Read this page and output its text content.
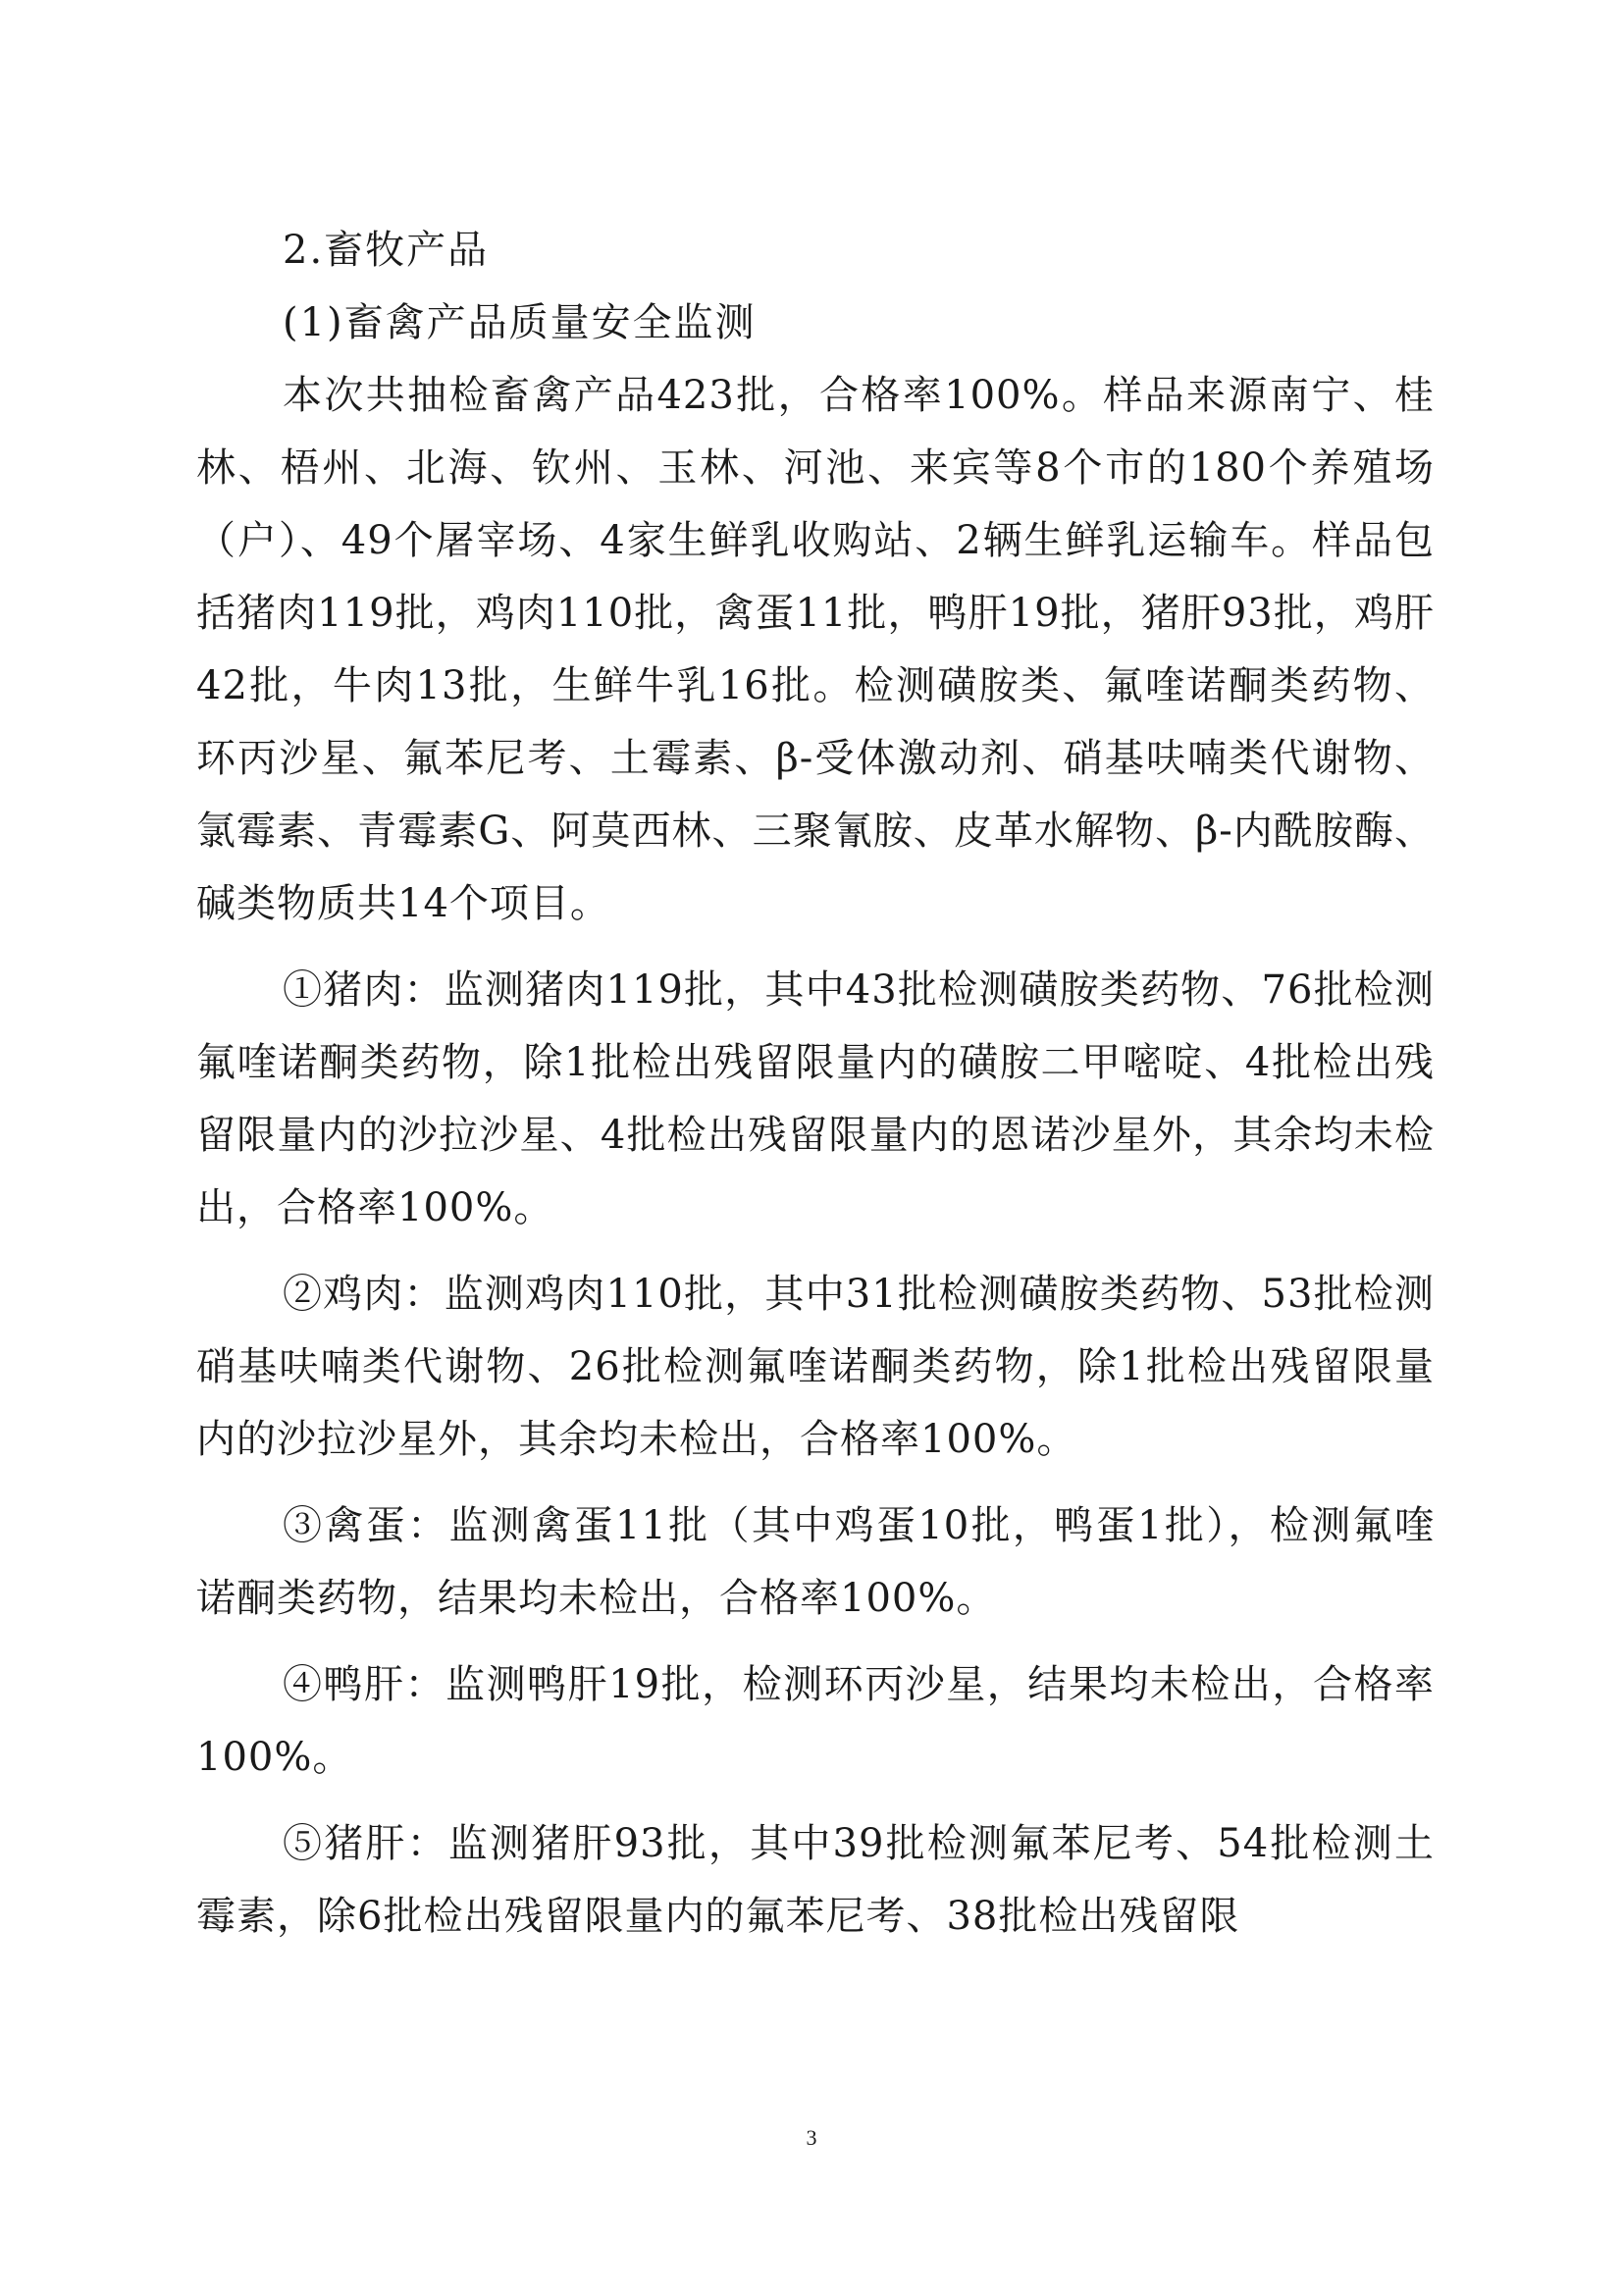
2.畜牧产品

(1)畜禽产品质量安全监测

本次共抽检畜禽产品423批，合格率100%。样品来源南宁、桂林、梧州、北海、钦州、玉林、河池、来宾等8个市的180个养殖场（户）、49个屠宰场、4家生鲜乳收购站、2辆生鲜乳运输车。样品包括猪肉119批，鸡肉110批，禽蛋11批，鸭肝19批，猪肝93批，鸡肝42批，牛肉13批，生鲜牛乳16批。检测磺胺类、氟喹诺酮类药物、环丙沙星、氟苯尼考、土霉素、β-受体激动剂、硝基呋喃类代谢物、氯霉素、青霉素G、阿莫西林、三聚氰胺、皮革水解物、β-内酰胺酶、碱类物质共14个项目。

①猪肉：监测猪肉119批，其中43批检测磺胺类药物、76批检测氟喹诺酮类药物，除1批检出残留限量内的磺胺二甲嘧啶、4批检出残留限量内的沙拉沙星、4批检出残留限量内的恩诺沙星外，其余均未检出，合格率100%。

②鸡肉：监测鸡肉110批，其中31批检测磺胺类药物、53批检测硝基呋喃类代谢物、26批检测氟喹诺酮类药物，除1批检出残留限量内的沙拉沙星外，其余均未检出，合格率100%。

③禽蛋：监测禽蛋11批（其中鸡蛋10批，鸭蛋1批），检测氟喹诺酮类药物，结果均未检出，合格率100%。

④鸭肝：监测鸭肝19批，检测环丙沙星，结果均未检出，合格率100%。

⑤猪肝：监测猪肝93批，其中39批检测氟苯尼考、54批检测土霉素，除6批检出残留限量内的氟苯尼考、38批检出残留限

3
